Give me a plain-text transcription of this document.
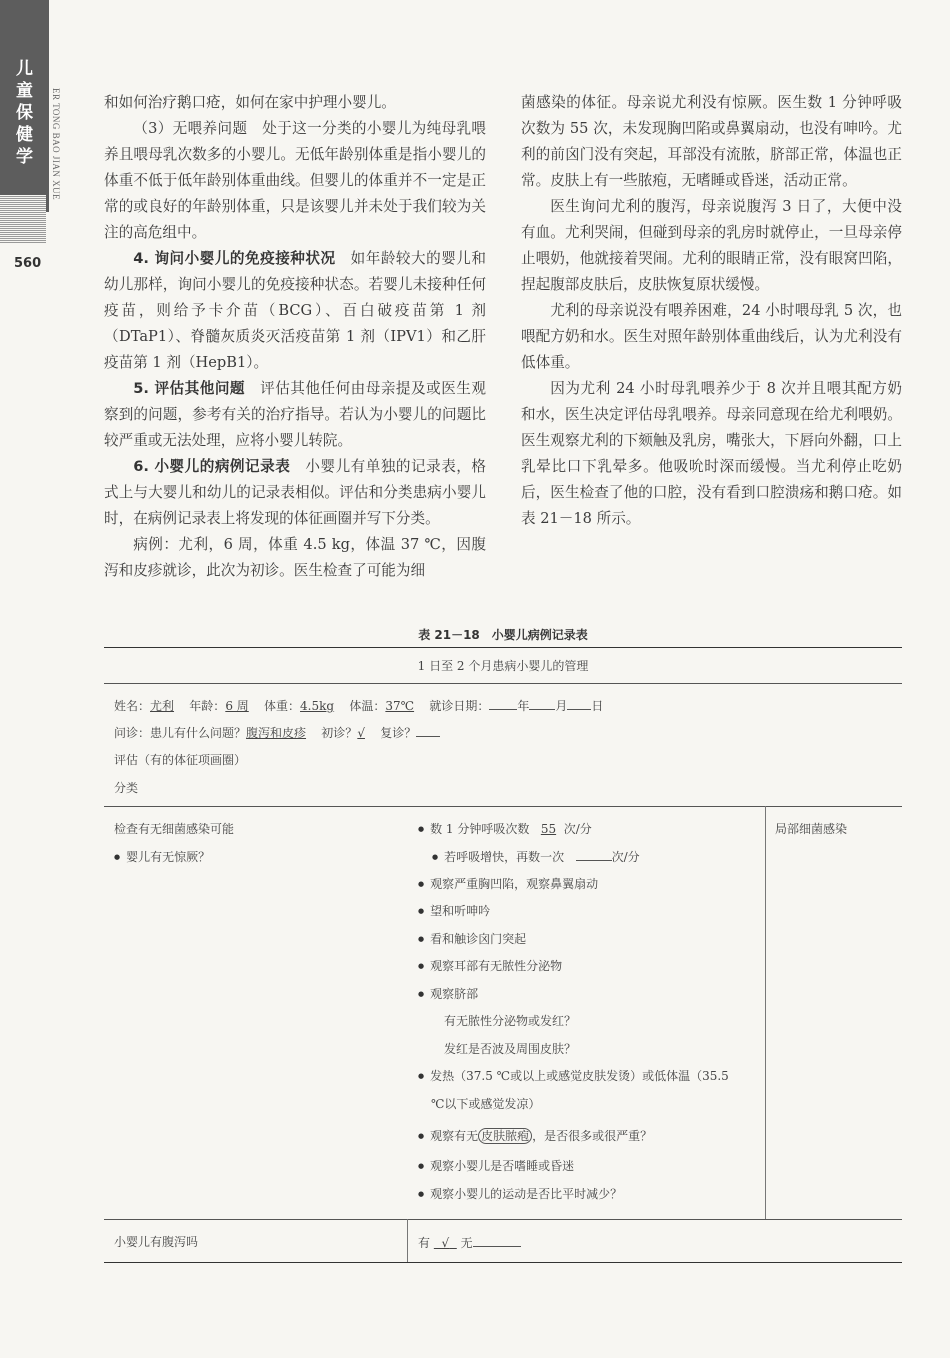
儿
童
保
健
学 ER TONG BAO JIAN XUE
560

和如何治疗鹅口疮，如何在家中护理小婴儿。

（3）无喂养问题　处于这一分类的小婴儿为纯母乳喂养且喂母乳次数多的小婴儿。无低年龄别体重是指小婴儿的体重不低于低年龄别体重曲线。但婴儿的体重并不一定是正常的或良好的年龄别体重，只是该婴儿并未处于我们较为关注的高危组中。

4. 询问小婴儿的免疫接种状况　 如年龄较大的婴儿和幼儿那样，询问小婴儿的免疫接种状态。若婴儿未接种任何疫苗，则给予卡介苗（BCG）、百白破疫苗第 1 剂（DTaP1）、脊髓灰质炎灭活疫苗第 1 剂（IPV1）和乙肝疫苗第 1 剂（HepB1）。

5. 评估其他问题　 评估其他任何由母亲提及或医生观察到的问题，参考有关的治疗指导。若认为小婴儿的问题比较严重或无法处理，应将小婴儿转院。

6. 小婴儿的病例记录表　 小婴儿有单独的记录表，格式上与大婴儿和幼儿的记录表相似。评估和分类患病小婴儿时，在病例记录表上将发现的体征画圈并写下分类。

病例：尤利，6 周，体重 4.5 kg，体温 37 ℃，因腹泻和皮疹就诊，此次为初诊。医生检查了可能为细

菌感染的体征。母亲说尤利没有惊厥。医生数 1 分钟呼吸次数为 55 次，未发现胸凹陷或鼻翼扇动，也没有呻吟。尤利的前囟门没有突起，耳部没有流脓，脐部正常，体温也正常。皮肤上有一些脓疱，无嗜睡或昏迷，活动正常。

医生询问尤利的腹泻，母亲说腹泻 3 日了，大便中没有血。尤利哭闹，但碰到母亲的乳房时就停止，一旦母亲停止喂奶，他就接着哭闹。尤利的眼睛正常，没有眼窝凹陷，捏起腹部皮肤后，皮肤恢复原状缓慢。

尤利的母亲说没有喂养困难，24 小时喂母乳 5 次，也喂配方奶和水。医生对照年龄别体重曲线后，认为尤利没有低体重。

因为尤利 24 小时母乳喂养少于 8 次并且喂其配方奶和水，医生决定评估母乳喂养。母亲同意现在给尤利喂奶。医生观察尤利的下颏触及乳房，嘴张大，下唇向外翻，口上乳晕比口下乳晕多。他吸吮时深而缓慢。当尤利停止吃奶后，医生检查了他的口腔，没有看到口腔溃疡和鹅口疮。如表 21－18 所示。

表 21－18　小婴儿病例记录表
1 日至 2 个月患病小婴儿的管理
姓名：尤利 年龄：6 周 体重：4.5kg 体温：37℃ 就诊日期： 年 月 日
问诊：患儿有什么问题？腹泻和皮疹 初诊？√ 复诊？
评估（有的体征项画圈）
分类
检查有无细菌感染可能
● 婴儿有无惊厥？
● 数 1 分钟呼吸次数 55 次/分
● 若呼吸增快，再数一次	次/分
● 观察严重胸凹陷，观察鼻翼扇动
● 望和听呻吟
● 看和触诊囟门突起
● 观察耳部有无脓性分泌物
● 观察脐部
有无脓性分泌物或发红？
发红是否波及周围皮肤？
● 发热（37.5 ℃或以上或感觉皮肤发烫）或低体温（35.5
℃以下或感觉发凉）
● 观察有无 皮肤脓疱 ，是否很多或很严重？
● 观察小婴儿是否嗜睡或昏迷
● 观察小婴儿的运动是否比平时减少？
局部细菌感染
小婴儿有腹泻吗	有 √ 无
